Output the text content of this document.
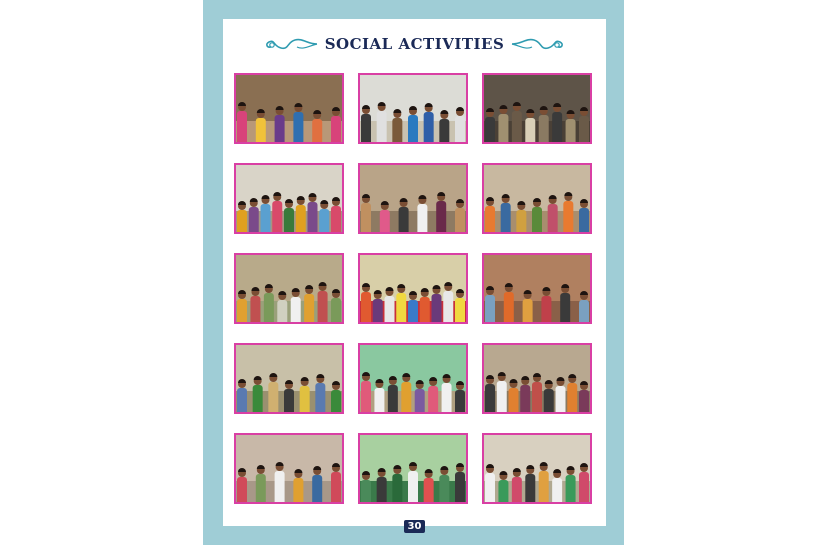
SOCIAL ACTIVITIES
30
